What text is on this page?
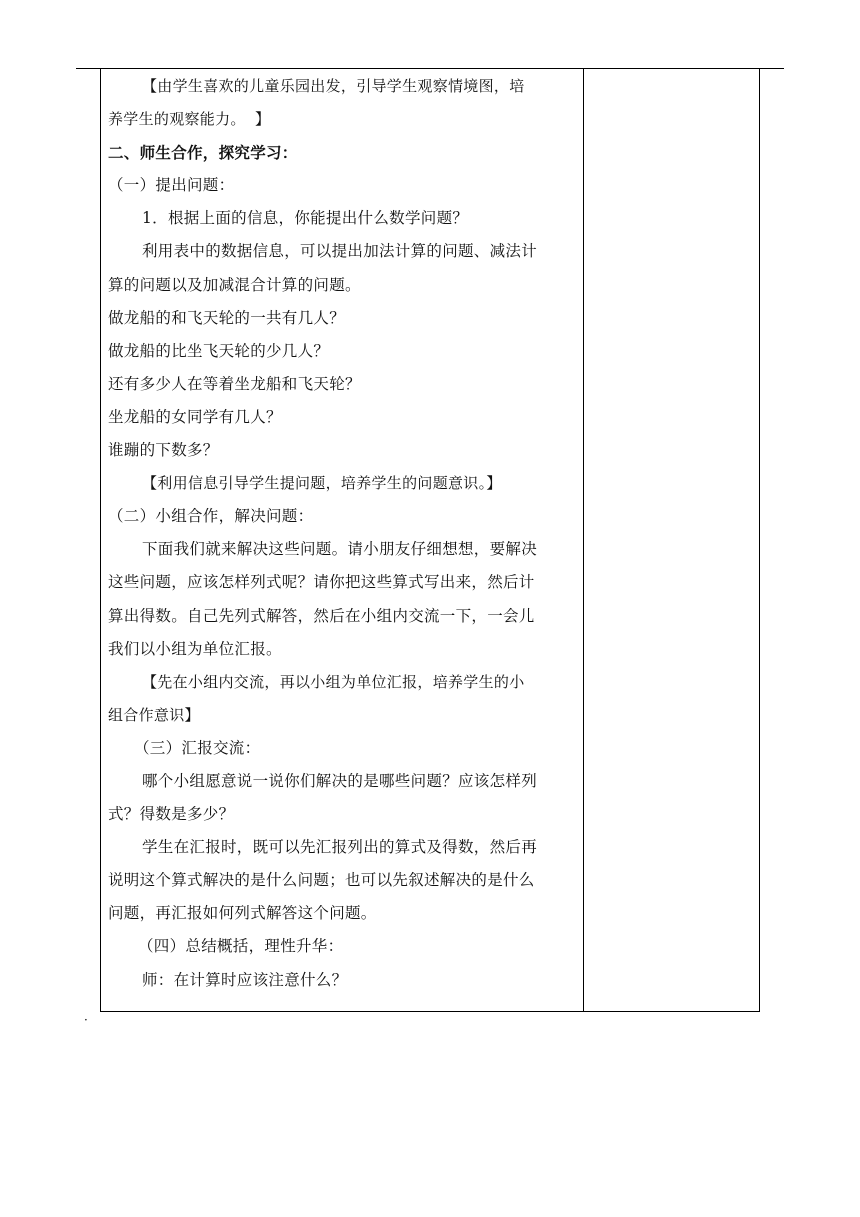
【由学生喜欢的儿童乐园出发，引导学生观察情境图，培
养学生的观察能力。 】
二、师生合作，探究学习：
（一）提出问题：
1．根据上面的信息，你能提出什么数学问题？
利用表中的数据信息，可以提出加法计算的问题、减法计
算的问题以及加减混合计算的问题。
做龙船的和飞天轮的一共有几人？
做龙船的比坐飞天轮的少几人？
还有多少人在等着坐龙船和飞天轮？
坐龙船的女同学有几人？
谁蹦的下数多？
【利用信息引导学生提问题，培养学生的问题意识。】
（二）小组合作，解决问题：
下面我们就来解决这些问题。请小朋友仔细想想，要解决
这些问题，应该怎样列式呢？请你把这些算式写出来，然后计
算出得数。自己先列式解答，然后在小组内交流一下，一会儿
我们以小组为单位汇报。
【先在小组内交流，再以小组为单位汇报，培养学生的小
组合作意识】
（三）汇报交流：
哪个小组愿意说一说你们解决的是哪些问题？应该怎样列
式？得数是多少？
学生在汇报时，既可以先汇报列出的算式及得数，然后再
说明这个算式解决的是什么问题；也可以先叙述解决的是什么
问题，再汇报如何列式解答这个问题。
（四）总结概括，理性升华：
师：在计算时应该注意什么？
·
